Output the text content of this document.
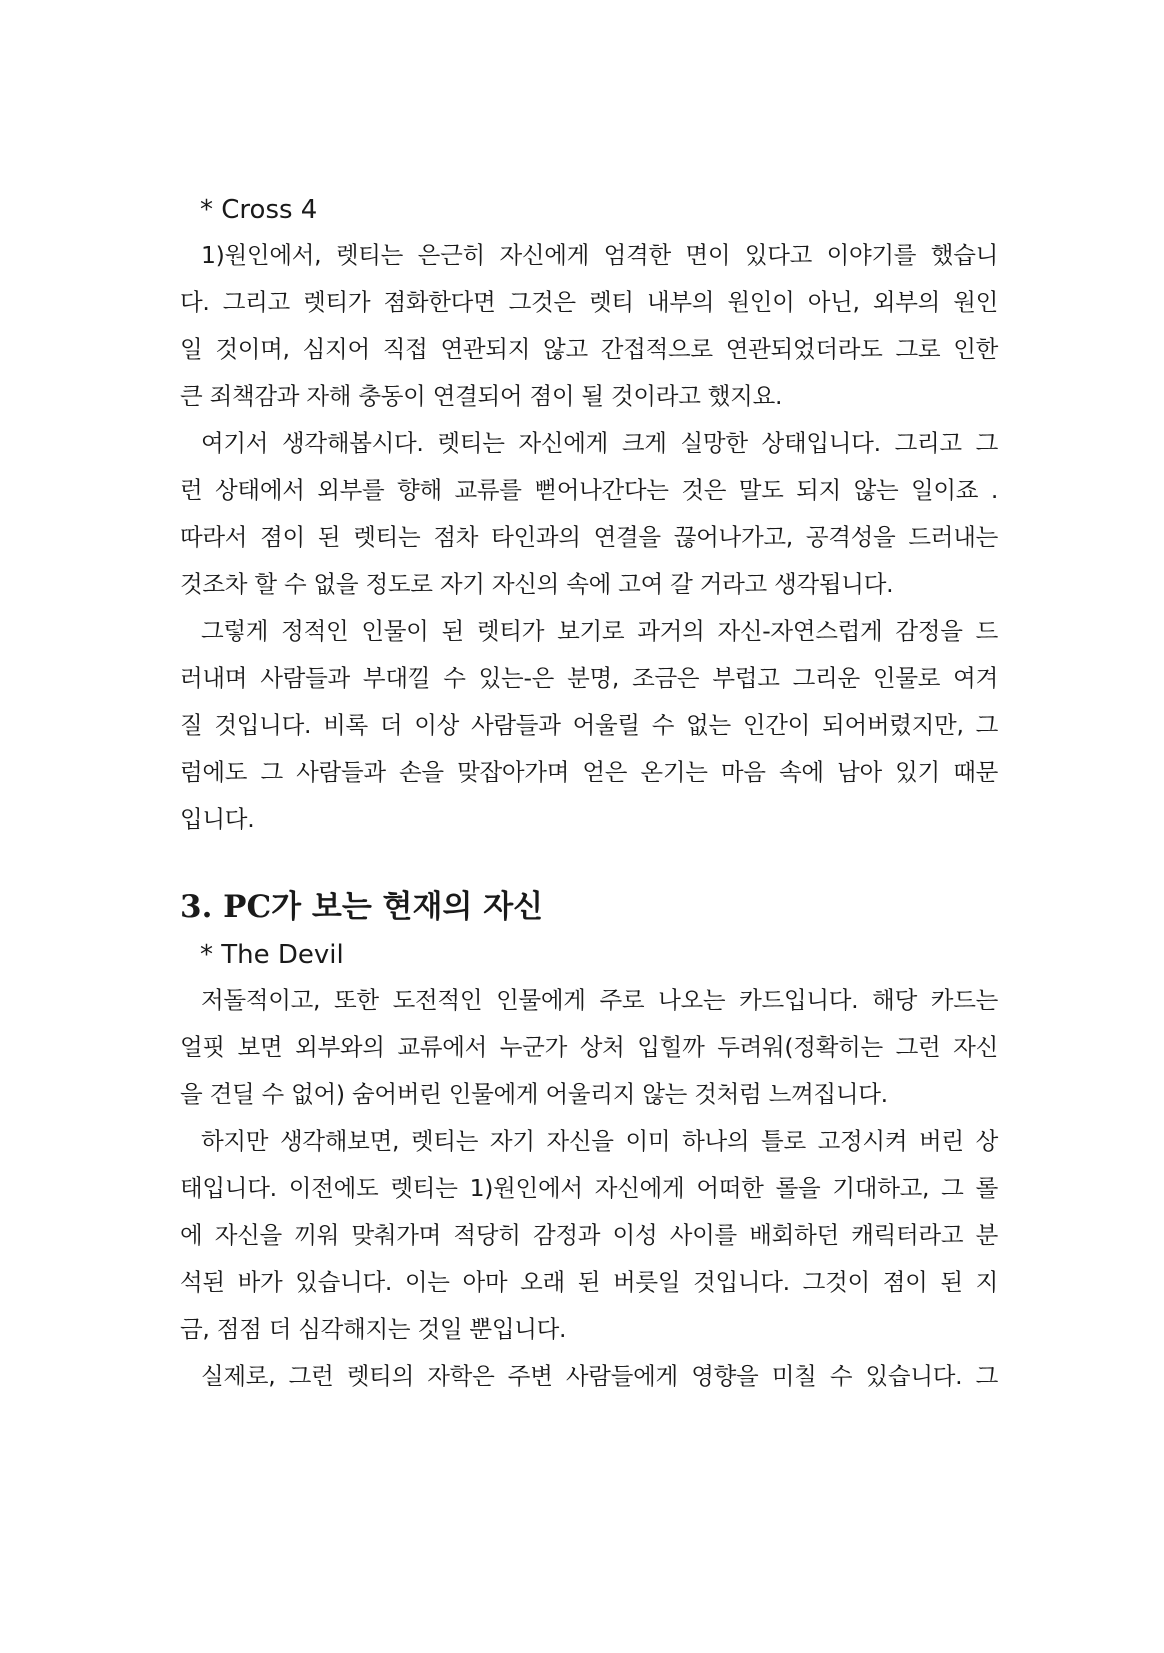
* Cross 4

1)원인에서, 렛티는 은근히 자신에게 엄격한 면이 있다고 이야기를 했습니
다. 그리고 렛티가 졈화한다면 그것은 렛티 내부의 원인이 아닌, 외부의 원인
일 것이며, 심지어 직접 연관되지 않고 간접적으로 연관되었더라도 그로 인한
큰 죄책감과 자해 충동이 연결되어 졈이 될 것이라고 했지요.

여기서 생각해봅시다. 렛티는 자신에게 크게 실망한 상태입니다. 그리고 그
런 상태에서 외부를 향해 교류를 뻗어나간다는 것은 말도 되지 않는 일이죠 .
따라서 졈이 된 렛티는 점차 타인과의 연결을 끊어나가고, 공격성을 드러내는
것조차 할 수 없을 정도로 자기 자신의 속에 고여 갈 거라고 생각됩니다.

그렇게 정적인 인물이 된 렛티가 보기로 과거의 자신-자연스럽게 감정을 드
러내며 사람들과 부대낄 수 있는-은 분명, 조금은 부럽고 그리운 인물로 여겨
질 것입니다. 비록 더 이상 사람들과 어울릴 수 없는 인간이 되어버렸지만, 그
럼에도 그 사람들과 손을 맞잡아가며 얻은 온기는 마음 속에 남아 있기 때문
입니다.

3. PC가 보는 현재의 자신
* The Devil

저돌적이고, 또한 도전적인 인물에게 주로 나오는 카드입니다. 해당 카드는
얼핏 보면 외부와의 교류에서 누군가 상처 입힐까 두려워(정확히는 그런 자신
을 견딜 수 없어) 숨어버린 인물에게 어울리지 않는 것처럼 느껴집니다.

하지만 생각해보면, 렛티는 자기 자신을 이미 하나의 틀로 고정시켜 버린 상
태입니다. 이전에도 렛티는 1)원인에서 자신에게 어떠한 롤을 기대하고, 그 롤
에 자신을 끼워 맞춰가며 적당히 감정과 이성 사이를 배회하던 캐릭터라고 분
석된 바가 있습니다. 이는 아마 오래 된 버릇일 것입니다. 그것이 졈이 된 지
금, 점점 더 심각해지는 것일 뿐입니다.

실제로, 그런 렛티의 자학은 주변 사람들에게 영향을 미칠 수 있습니다. 그
